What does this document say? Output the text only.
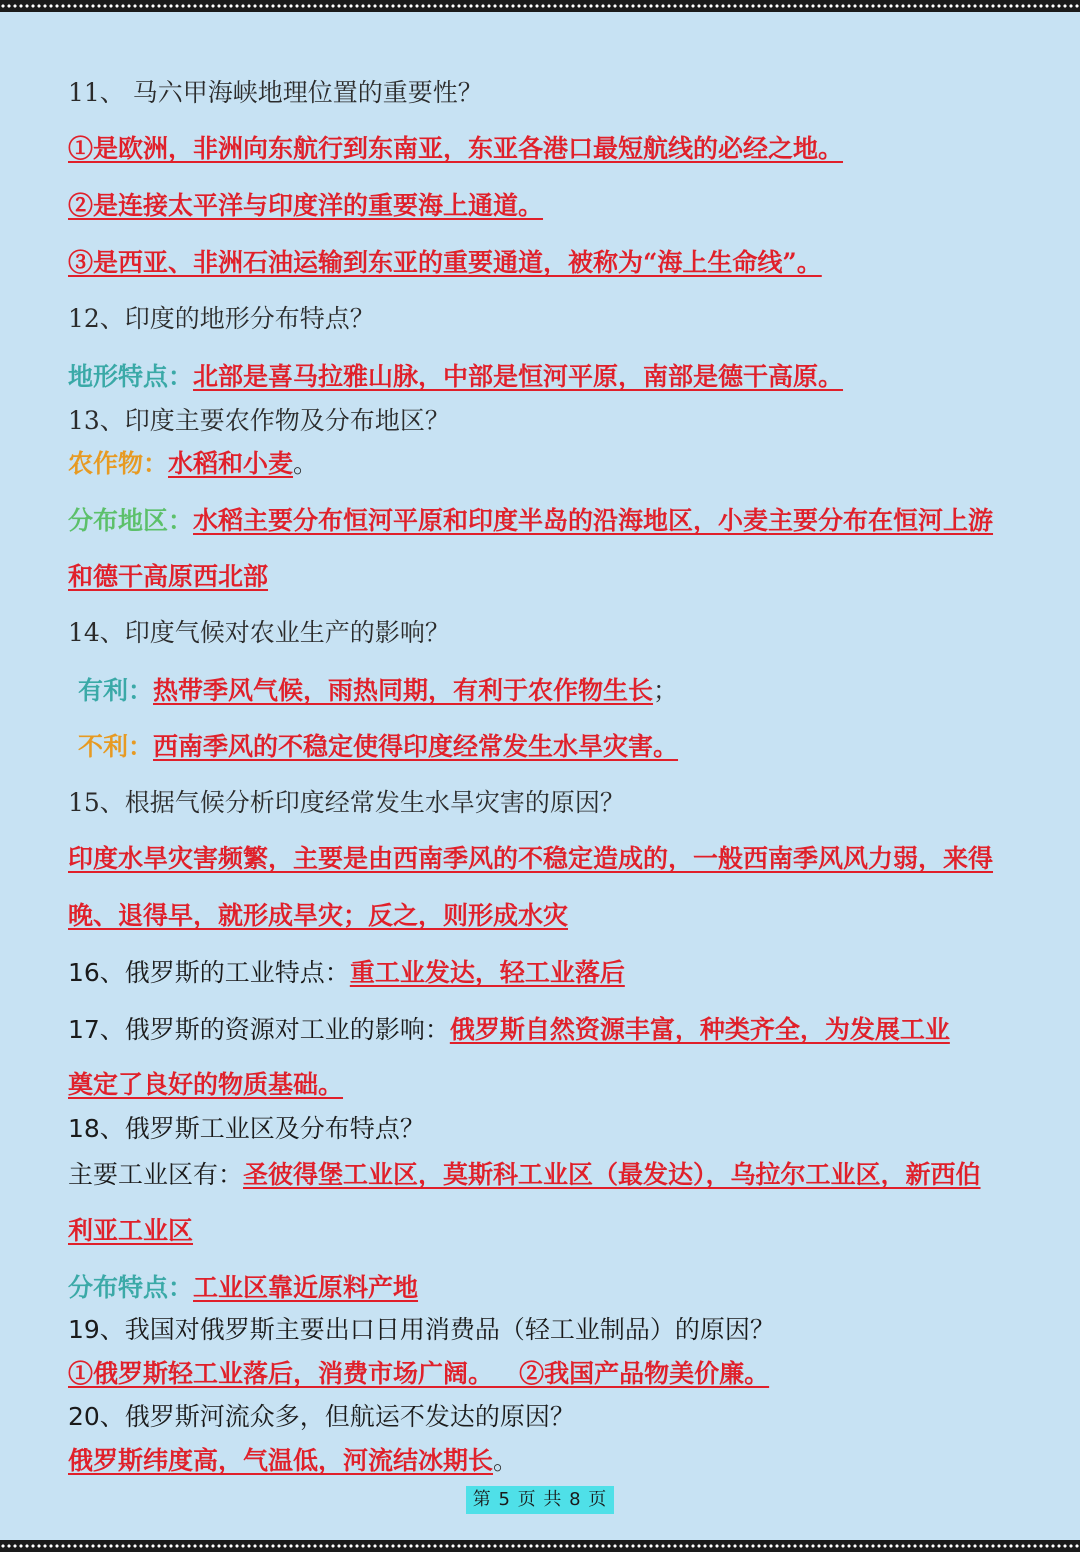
11、 马六甲海峡地理位置的重要性？
①是欧洲，非洲向东航行到东南亚，东亚各港口最短航线的必经之地。
②是连接太平洋与印度洋的重要海上通道。
③是西亚、非洲石油运输到东亚的重要通道，被称为“海上生命线”。
12、印度的地形分布特点？
地形特点：北部是喜马拉雅山脉，中部是恒河平原，南部是德干高原。
13、印度主要农作物及分布地区？
农作物：水稻和小麦。
分布地区：水稻主要分布恒河平原和印度半岛的沿海地区，小麦主要分布在恒河上游
和德干高原西北部
14、印度气候对农业生产的影响？
有利：热带季风气候，雨热同期，有利于农作物生长；
不利：西南季风的不稳定使得印度经常发生水旱灾害。
15、根据气候分析印度经常发生水旱灾害的原因？
印度水旱灾害频繁，主要是由西南季风的不稳定造成的，一般西南季风风力弱，来得
晚、退得早，就形成旱灾；反之，则形成水灾
16、俄罗斯的工业特点：重工业发达，轻工业落后
17、俄罗斯的资源对工业的影响：俄罗斯自然资源丰富，种类齐全，为发展工业
奠定了良好的物质基础。
18、俄罗斯工业区及分布特点？
主要工业区有：圣彼得堡工业区，莫斯科工业区（最发达），乌拉尔工业区，新西伯
利亚工业区
分布特点：工业区靠近原料产地
19、我国对俄罗斯主要出口日用消费品（轻工业制品）的原因？
①俄罗斯轻工业落后，消费市场广阔。   ②我国产品物美价廉。
20、俄罗斯河流众多，但航运不发达的原因？
俄罗斯纬度高，气温低，河流结冰期长。
第 5 页 共 8 页
